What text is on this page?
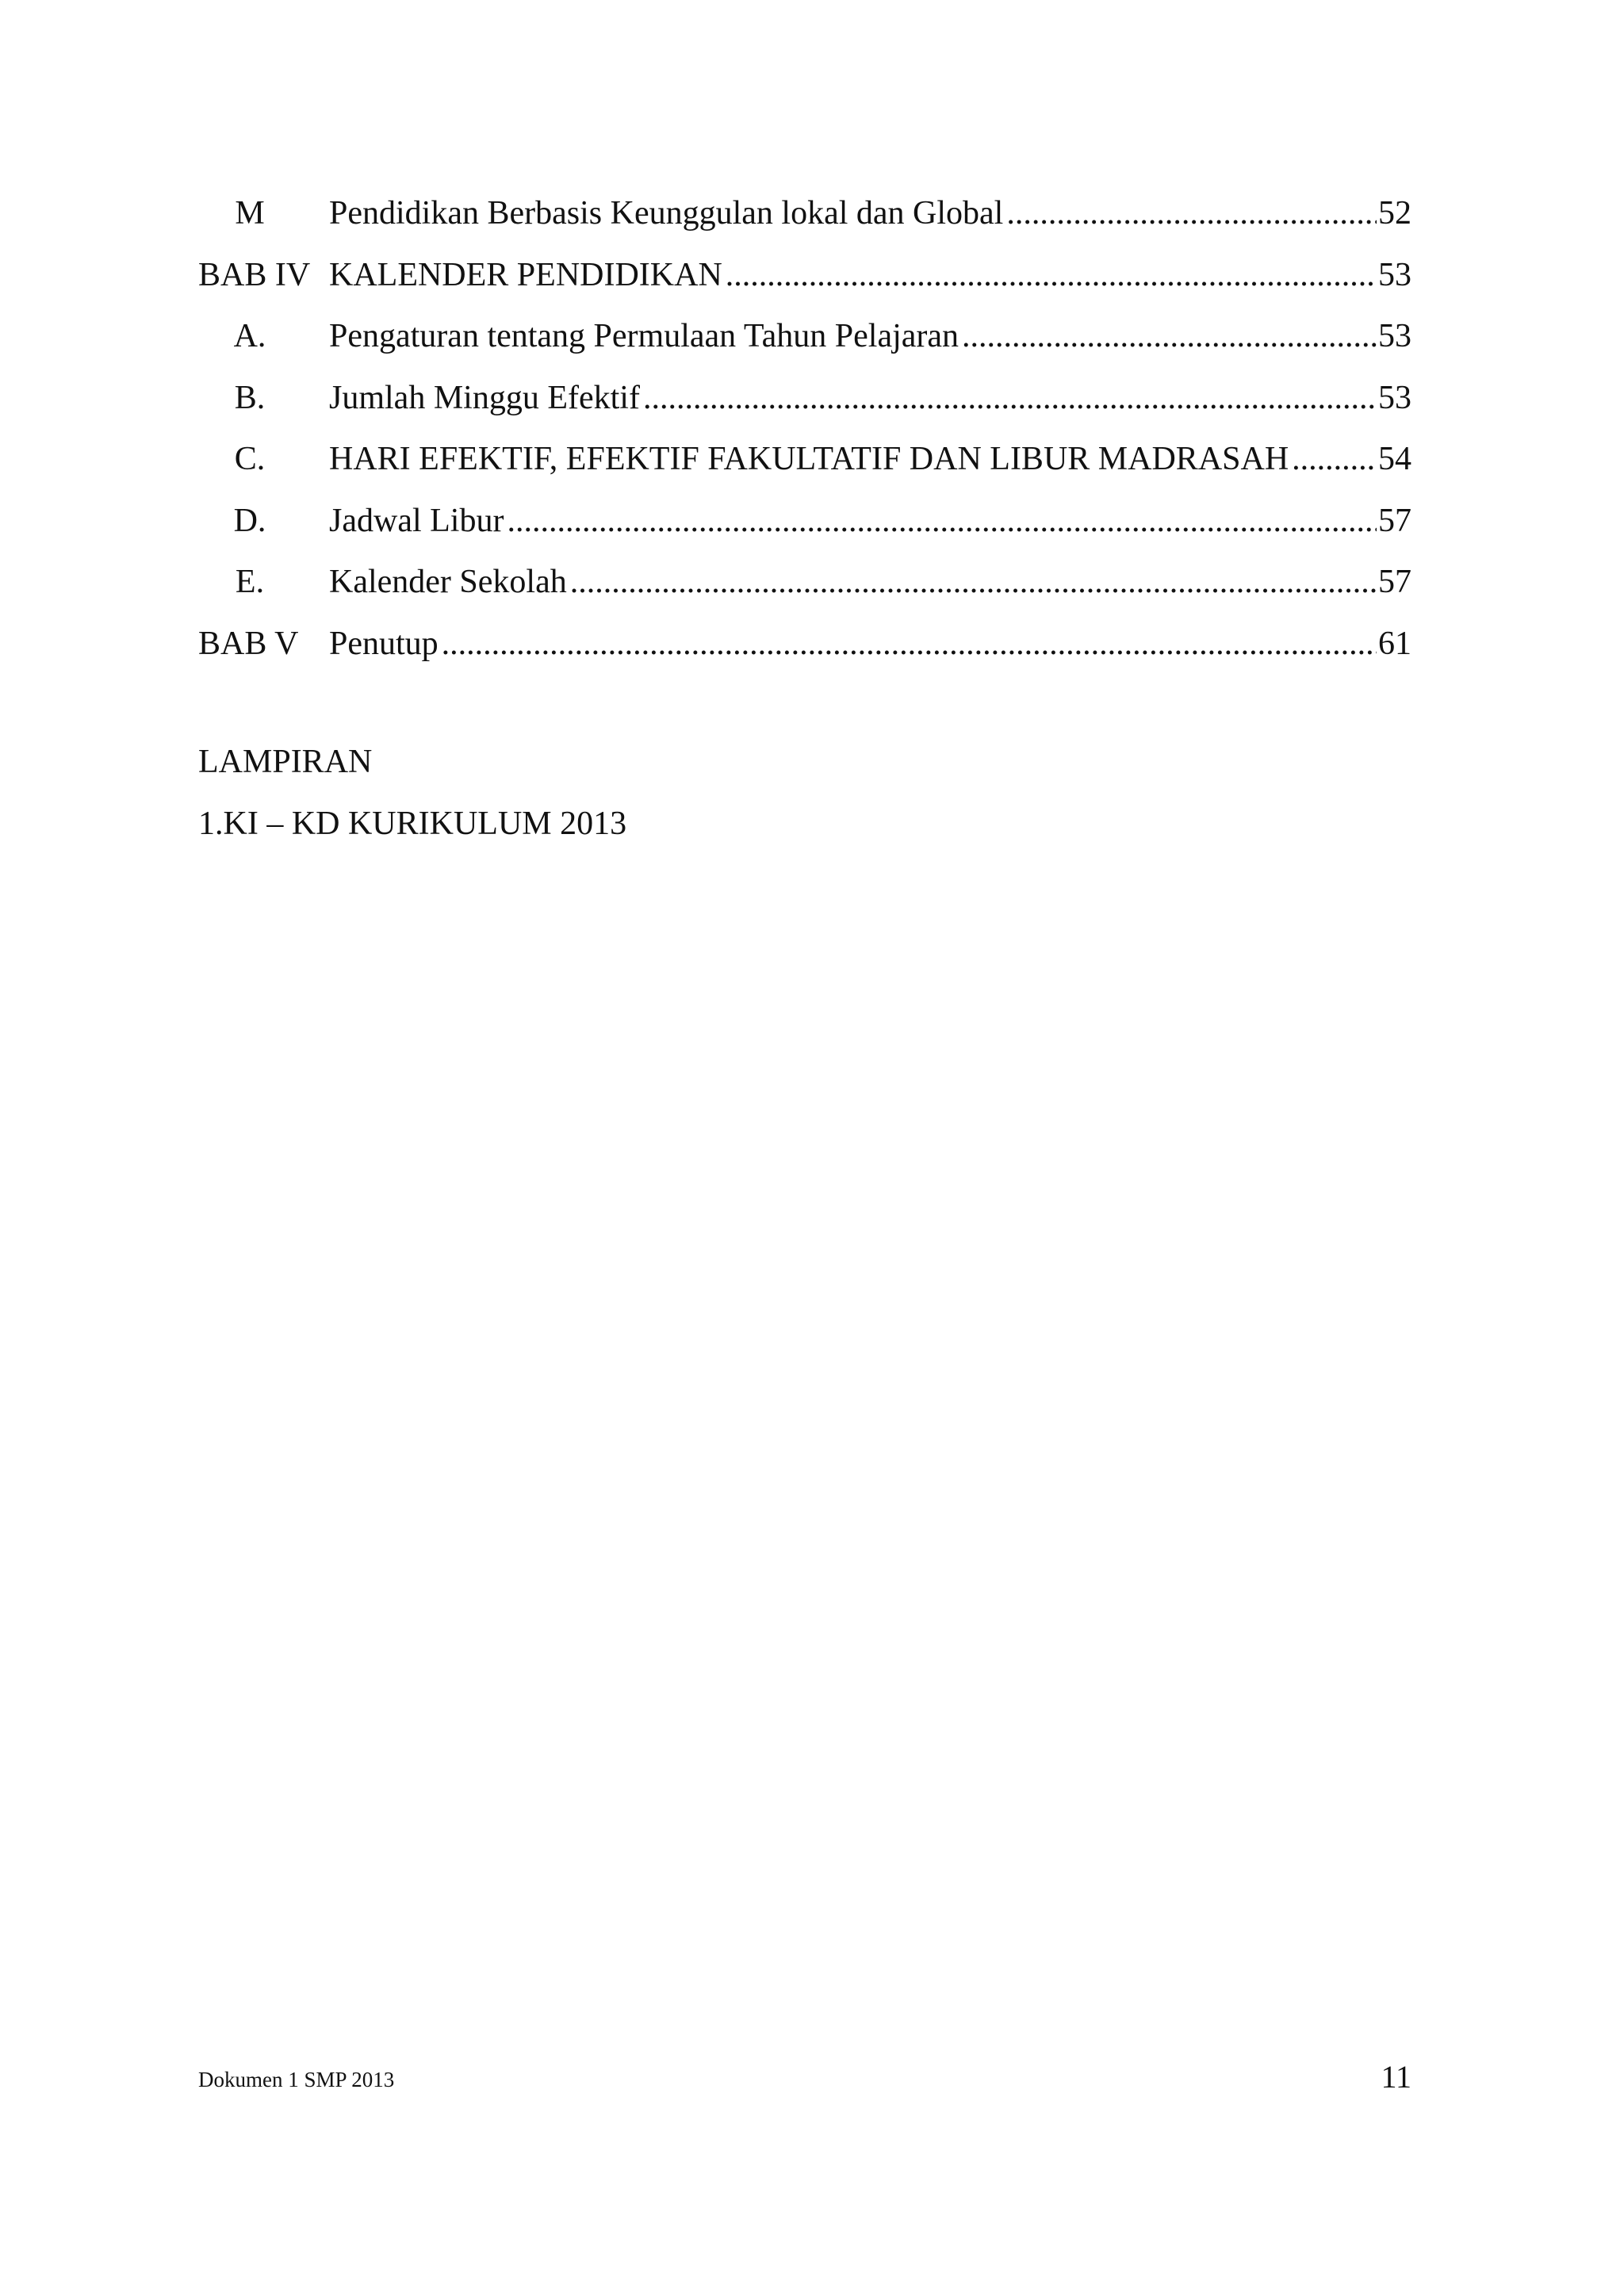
M	Pendidikan Berbasis Keunggulan lokal dan Global .....	52
BAB IV KALENDER PENDIDIKAN .....	53
A.	Pengaturan tentang Permulaan Tahun Pelajaran .....	53
B.	Jumlah Minggu Efektif .....	53
C.	HARI EFEKTIF, EFEKTIF FAKULTATIF DAN LIBUR MADRASAH .....	54
D.	Jadwal Libur .....	57
E.	Kalender Sekolah .....	57
BAB V Penutup .....	61
LAMPIRAN
1.KI – KD KURIKULUM 2013
Dokumen 1 SMP 2013	11
